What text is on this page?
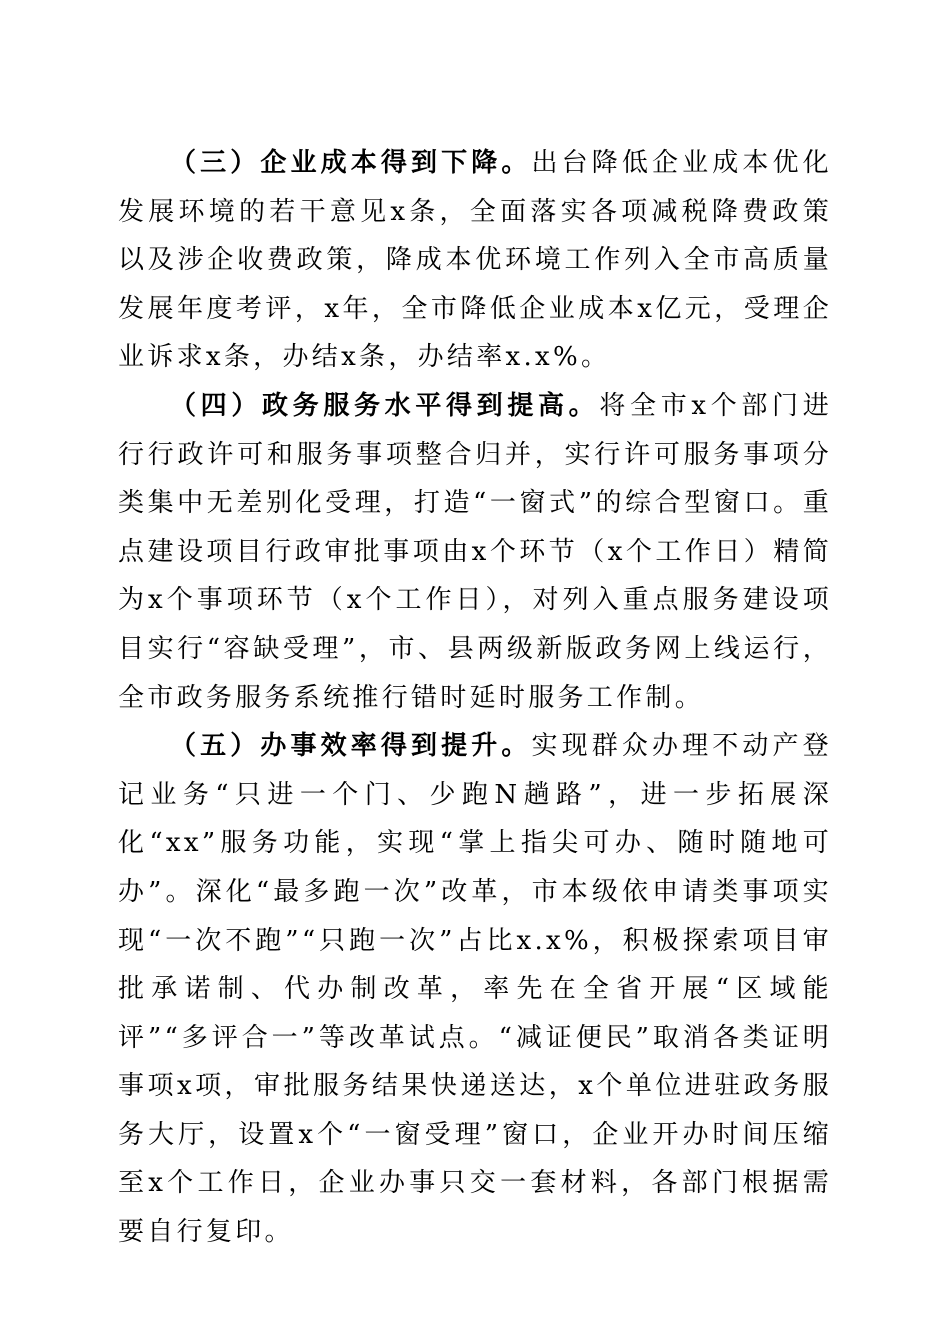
（三）企业成本得到下降。出台降低企业成本优化发展环境的若干意见x条，全面落实各项减税降费政策以及涉企收费政策，降成本优环境工作列入全市高质量发展年度考评，x年，全市降低企业成本x亿元，受理企业诉求x条，办结x条，办结率x.x%。

（四）政务服务水平得到提高。将全市x个部门进行行政许可和服务事项整合归并，实行许可服务事项分类集中无差别化受理，打造“一窗式”的综合型窗口。重点建设项目行政审批事项由x个环节（x个工作日）精简为x个事项环节（x个工作日），对列入重点服务建设项目实行“容缺受理”，市、县两级新版政务网上线运行，全市政务服务系统推行错时延时服务工作制。

（五）办事效率得到提升。实现群众办理不动产登记业务“只进一个门、少跑N趟路”，进一步拓展深化“xx”服务功能，实现“掌上指尖可办、随时随地可办”。深化“最多跑一次”改革，市本级依申请类事项实现“一次不跑”“只跑一次”占比x.x%，积极探索项目审批承诺制、代办制改革，率先在全省开展“区域能评”“多评合一”等改革试点。“减证便民”取消各类证明事项x项，审批服务结果快递送达，x个单位进驻政务服务大厅，设置x个“一窗受理”窗口，企业开办时间压缩至x个工作日，企业办事只交一套材料，各部门根据需要自行复印。
